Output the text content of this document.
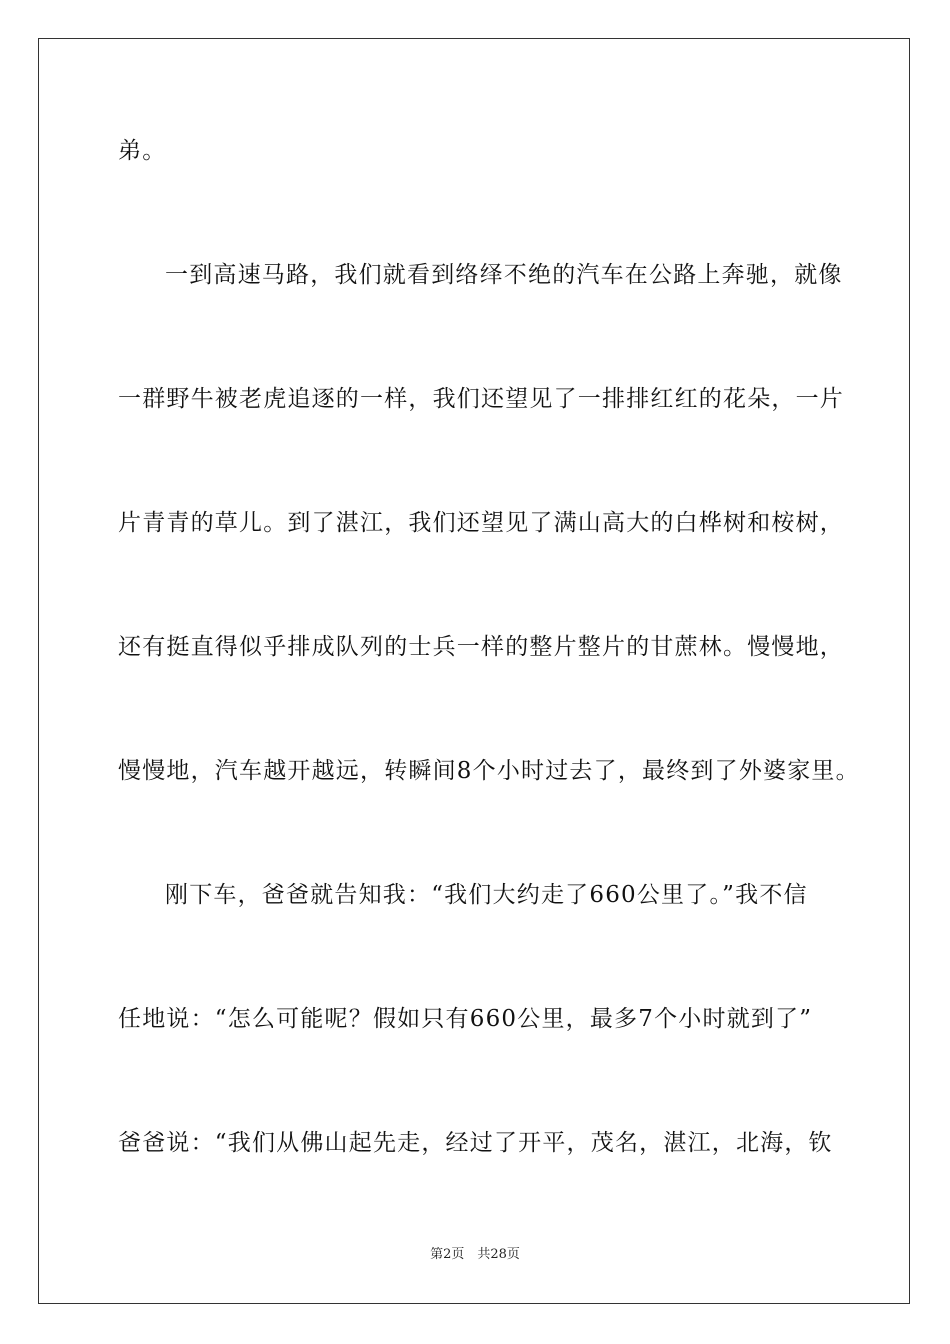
弟。
一到高速马路，我们就看到络绎不绝的汽车在公路上奔驰，就像
一群野牛被老虎追逐的一样，我们还望见了一排排红红的花朵，一片
片青青的草儿。到了湛江，我们还望见了满山高大的白桦树和桉树，
还有挺直得似乎排成队列的士兵一样的整片整片的甘蔗林。慢慢地，
慢慢地，汽车越开越远，转瞬间8个小时过去了，最终到了外婆家里。
刚下车，爸爸就告知我：“我们大约走了660公里了。”我不信
任地说：“怎么可能呢？假如只有660公里，最多7个小时就到了”
爸爸说：“我们从佛山起先走，经过了开平，茂名，湛江，北海，钦
第2页　共28页
